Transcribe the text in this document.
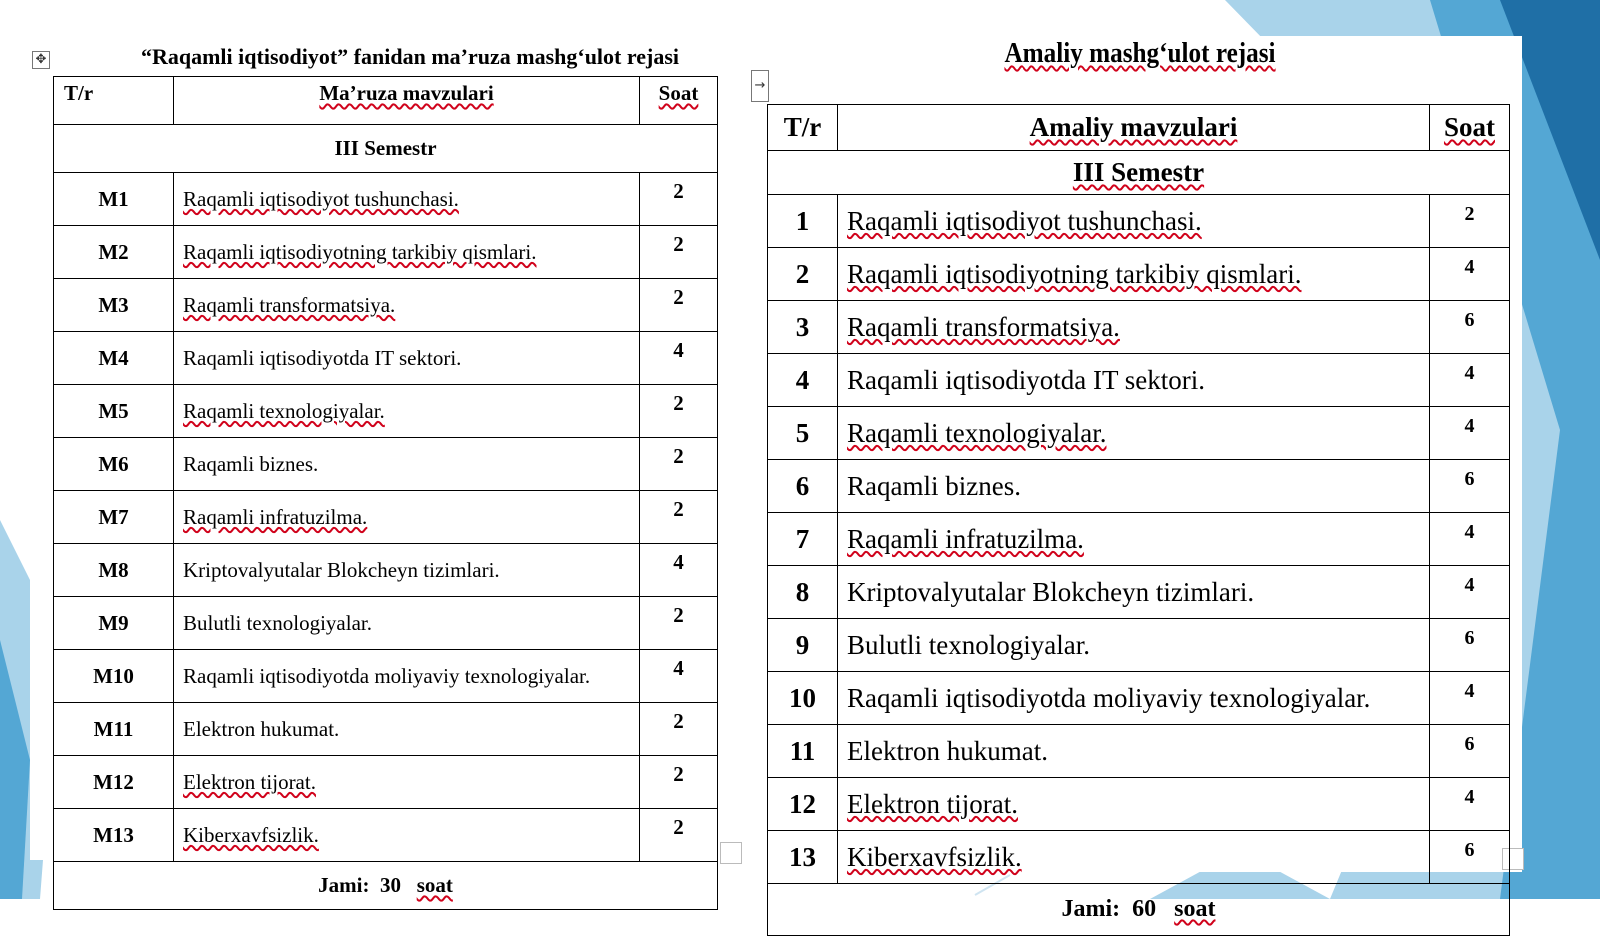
✥
→
“Raqamli iqtisodiyot” fanidan ma’ruza mashg‘ulot rejasi
T/r	Ma’ruza mavzulari	Soat
III Semestr		
M1	Raqamli iqtisodiyot tushunchasi.	2
M2	Raqamli iqtisodiyotning tarkibiy qismlari.	2
M3	Raqamli transformatsiya.	2
M4	Raqamli iqtisodiyotda IT sektori.	4
M5	Raqamli texnologiyalar.	2
M6	Raqamli biznes.	2
M7	Raqamli infratuzilma.	2
M8	Kriptovalyutalar Blokcheyn tizimlari.	4
M9	Bulutli texnologiyalar.	2
M10	Raqamli iqtisodiyotda moliyaviy texnologiyalar.	4
M11	Elektron hukumat.	2
M12	Elektron tijorat.	2
M13	Kiberxavfsizlik.	2
Jami: 30 soat		
Amaliy mashg‘ulot rejasi
T/r	Amaliy mavzulari	Soat
III Semestr		
1	Raqamli iqtisodiyot tushunchasi.	2
2	Raqamli iqtisodiyotning tarkibiy qismlari.	4
3	Raqamli transformatsiya.	6
4	Raqamli iqtisodiyotda IT sektori.	4
5	Raqamli texnologiyalar.	4
6	Raqamli biznes.	6
7	Raqamli infratuzilma.	4
8	Kriptovalyutalar Blokcheyn tizimlari.	4
9	Bulutli texnologiyalar.	6
10	Raqamli iqtisodiyotda moliyaviy texnologiyalar.	4
11	Elektron hukumat.	6
12	Elektron tijorat.	4
13	Kiberxavfsizlik.	6
Jami: 60 soat		
